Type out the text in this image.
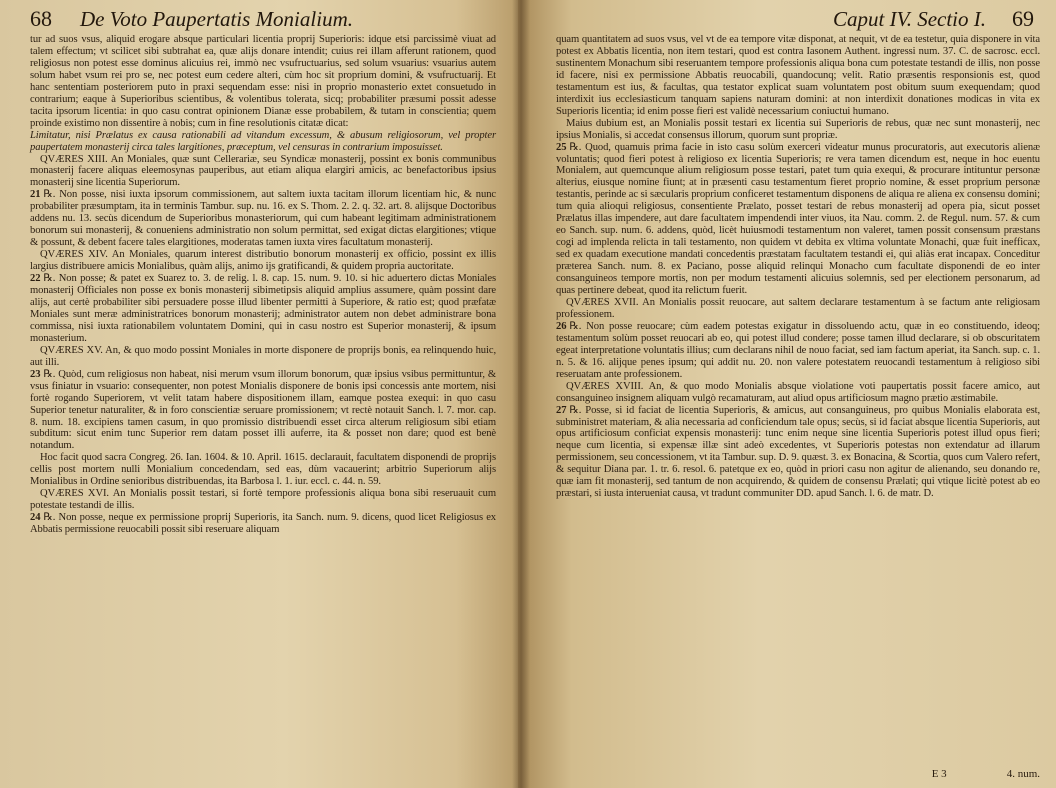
68 De Voto Paupertatis Monialium.

tur ad suos vsus, aliquid erogare absque particulari licentia proprij Superioris: idque etsi parcissimè viuat ad talem effectum; vt scilicet sibi subtrahat ea, quæ alijs donare intendit; cuius rei illam afferunt rationem, quod religiosus non potest esse dominus alicuius rei, immò nec vsufructuarius, sed solum vsuarius: vsuarius autem solum habet vsum rei pro se, nec potest eum cedere alteri, cùm hoc sit proprium domini, & vsufructuarij. Et hanc sententiam posteriorem puto in praxi sequendam esse: nisi in proprio monasterio extet consuetudo in contrarium; eaque à Superioribus scientibus, & volentibus tolerata, sicq; probabiliter præsumi possit adesse tacita ipsorum licentia: in quo casu contrat opinionem Dianæ esse probabilem, & tutam in conscientia; quem proinde existimo non dissentire à nobis; cum in fine resolutionis citatæ dicat:

Limitatur, nisi Prælatus ex causa rationabili ad vitandum excessum, & abusum religiosorum, vel propter paupertatem monasterij circa tales largitiones, præceptum, vel censuras in contrarium imposuisset.

QVÆRES XIII. An Moniales, quæ sunt Cellerariæ, seu Syndicæ monasterij, possint ex bonis communibus monasterij facere aliquas eleemosynas pauperibus, aut etiam aliqua elargiri amicis, ac benefactoribus ipsius monasterij sine licentia Superiorum.

21 ℞. Non posse, nisi iuxta ipsorum commissionem, aut saltem iuxta tacitam illorum licentiam hic, & nunc probabiliter præsumptam, ita in terminis Tambur. sup. nu. 16. ex S. Thom. 2. 2. q. 32. art. 8. alijsque Doctoribus addens nu. 13. secùs dicendum de Superioribus monasteriorum, qui cum habeant legitimam administrationem bonorum sui monasterij, & conueniens administratio non solum permittat, sed exigat dictas elargitiones; vtique & possunt, & debent facere tales elargitiones, moderatas tamen iuxta vires facultatum monasterij.

QVÆRES XIV. An Moniales, quarum interest distributio bonorum monasterij ex officio, possint ex illis largius distribuere amicis Monialibus, quàm alijs, animo ijs gratificandi, & quidem propria auctoritate.

22 ℞. Non posse; & patet ex Suarez to. 3. de relig. l. 8. cap. 15. num. 9. 10. si hic aduertero dictas Moniales monasterij Officiales non posse ex bonis monasterij sibimetipsis aliquid amplius assumere, quàm possint dare alijs, aut certè probabiliter sibi persuadere posse illud libenter permitti à Superiore, & ratio est; quod præfatæ Moniales sunt meræ administratrices bonorum monasterij; administrator autem non debet administrare bona commissa, nisi iuxta rationabilem voluntatem Domini, qui in casu nostro est Superior monasterij, & ipsum monasterium.

QVÆRES XV. An, & quo modo possint Moniales in morte disponere de proprijs bonis, ea relinquendo huic, aut illi.

23 ℞. Quòd, cum religiosus non habeat, nisi merum vsum illorum bonorum, quæ ipsius vsibus permittuntur, & vsus finiatur in vsuario: consequenter, non potest Monialis disponere de bonis ipsi concessis ante mortem, nisi fortè rogando Superiorem, vt velit tatam habere dispositionem illam, eamque postea exequi: in quo casu Superior tenetur naturaliter, & in foro conscientiæ seruare promissionem; vt rectè notauit Sanch. l. 7. mor. cap. 8. num. 18. excipiens tamen casum, in quo promissio distribuendi esset circa alterum religiosum sibi etiam subditum: sicut enim tunc Superior rem datam posset illi auferre, ita & posset non dare; quod est benè notandum.

Hoc facit quod sacra Congreg. 26. Ian. 1604. & 10. April. 1615. declarauit, facultatem disponendi de proprijs cellis post mortem nulli Monialium concedendam, sed eas, dùm vacauerint; arbitrio Superiorum alijs Monialibus in Ordine senioribus distribuendas, ita Barbosa l. 1. iur. eccl. c. 44. n. 59.

QVÆRES XVI. An Monialis possit testari, si fortè tempore professionis aliqua bona sibi reseruauit cum potestate testandi de illis.

24 ℞. Non posse, neque ex permissione proprij Superioris, ita Sanch. num. 9. dicens, quod licet Religiosus ex Abbatis permissione reuocabili possit sibi reseruare aliquam

Caput IV. Sectio I. 69

quam quantitatem ad suos vsus, vel vt de ea tempore vitæ disponat, at nequit, vt de ea testetur, quia disponere in vita potest ex Abbatis licentia, non item testari, quod est contra Iasonem Authent. ingressi num. 37. C. de sacrosc. eccl. sustinentem Monachum sibi reseruantem tempore professionis aliqua bona cum potestate testandi de illis, non posse id facere, nisi ex permissione Abbatis reuocabili, quandocunq; velit. Ratio præsentis responsionis est, quod testamentum est ius, & facultas, qua testator explicat suam voluntatem post obitum suum exequendam; quod interdixit ius ecclesiasticum tanquam sapiens naturam domini: at non interdixit donationes modicas in vita ex Superioris licentia; id enim posse fieri est validè necessarium coniuctui humano.

Maius dubium est, an Monialis possit testari ex licentia sui Superioris de rebus, quæ nec sunt monasterij, nec ipsius Monialis, si accedat consensus illorum, quorum sunt propriæ.

25 ℞. Quod, quamuis prima facie in isto casu solùm exerceri videatur munus procuratoris, aut executoris alienæ voluntatis; quod fieri potest à religioso ex licentia Superioris; re vera tamen dicendum est, neque in hoc euentu Monialem, aut quemcunque alium religiosum posse testari, patet tum quia exequi, & procurare intituntur personæ alterius, eiusque nomine fiunt; at in præsenti casu testamentum fieret proprio nomine, & esset proprium personæ testantis, perinde ac si sæcularis proprium conficeret testamentum disponens de aliqua re aliena ex consensu domini; tum quia alioqui religiosus, consentiente Prælato, posset testari de rebus monasterij ad opera pia, sicut posset Prælatus illas impendere, aut dare facultatem impendendi inter viuos, ita Nau. comm. 2. de Regul. num. 57. & cum eo Sanch. sup. num. 6. addens, quòd, licèt huiusmodi testamentum non valeret, tamen possit consensum præstans cogi ad implenda relicta in tali testamento, non quidem vt debita ex vltima voluntate Monachi, quæ fuit inefficax, sed ex quadam executione mandati concedentis præstatam facultatem testandi ei, qui aliàs erat incapax. Conceditur præterea Sanch. num. 8. ex Paciano, posse aliquid relinqui Monacho cum facultate disponendi de eo inter consanguineos tempore mortis, non per modum testamenti alicuius solemnis, sed per electionem personarum, ad quas pertinere debeat, quod ita relictum fuerit.

QVÆRES XVII. An Monialis possit reuocare, aut saltem declarare testamentum à se factum ante religiosam professionem.

26 ℞. Non posse reuocare; cùm eadem potestas exigatur in dissoluendo actu, quæ in eo constituendo, ideoq; testamentum solùm posset reuocari ab eo, qui potest illud condere; posse tamen illud declarare, si ob obscuritatem egeat interpretatione voluntatis illius; cum declarans nihil de nouo faciat, sed iam factum aperiat, ita Sanch. sup. c. 1. n. 5. & 16. alijque penes ipsum; qui addit nu. 20. non valere potestatem reuocandi testamentum à religioso sibi reseruatam ante professionem.

QVÆRES XVIII. An, & quo modo Monialis absque violatione voti paupertatis possit facere amico, aut consanguineo insignem aliquam vulgò recamaturam, aut aliud opus artificiosum magno prætio æstimabile.

27 ℞. Posse, si id faciat de licentia Superioris, & amicus, aut consanguineus, pro quibus Monialis elaborata est, subministret materiam, & alia necessaria ad conficiendum tale opus; secùs, si id faciat absque licentia Superioris, aut opus artificiosum conficiat expensis monasterij: tunc enim neque sine licentia Superioris potest illud opus fieri; neque cum licentia, si expensæ illæ sint adeò excedentes, vt Superioris potestas non extendatur ad illarum permissionem, seu concessionem, vt ita Tambur. sup. D. 9. quæst. 3. ex Bonacina, & Scortia, quos cum Valero refert, & sequitur Diana par. 1. tr. 6. resol. 6. patetque ex eo, quòd in priori casu non agitur de alienando, seu donando re, quæ iam fit monasterij, sed tantum de non acquirendo, & quidem de consensu Prælati; qui vtique licitè potest ab eo præstari, si iusta interueniat causa, vt tradunt communiter DD. apud Sanch. l. 6. de matr. D.

E 3	4. num.
